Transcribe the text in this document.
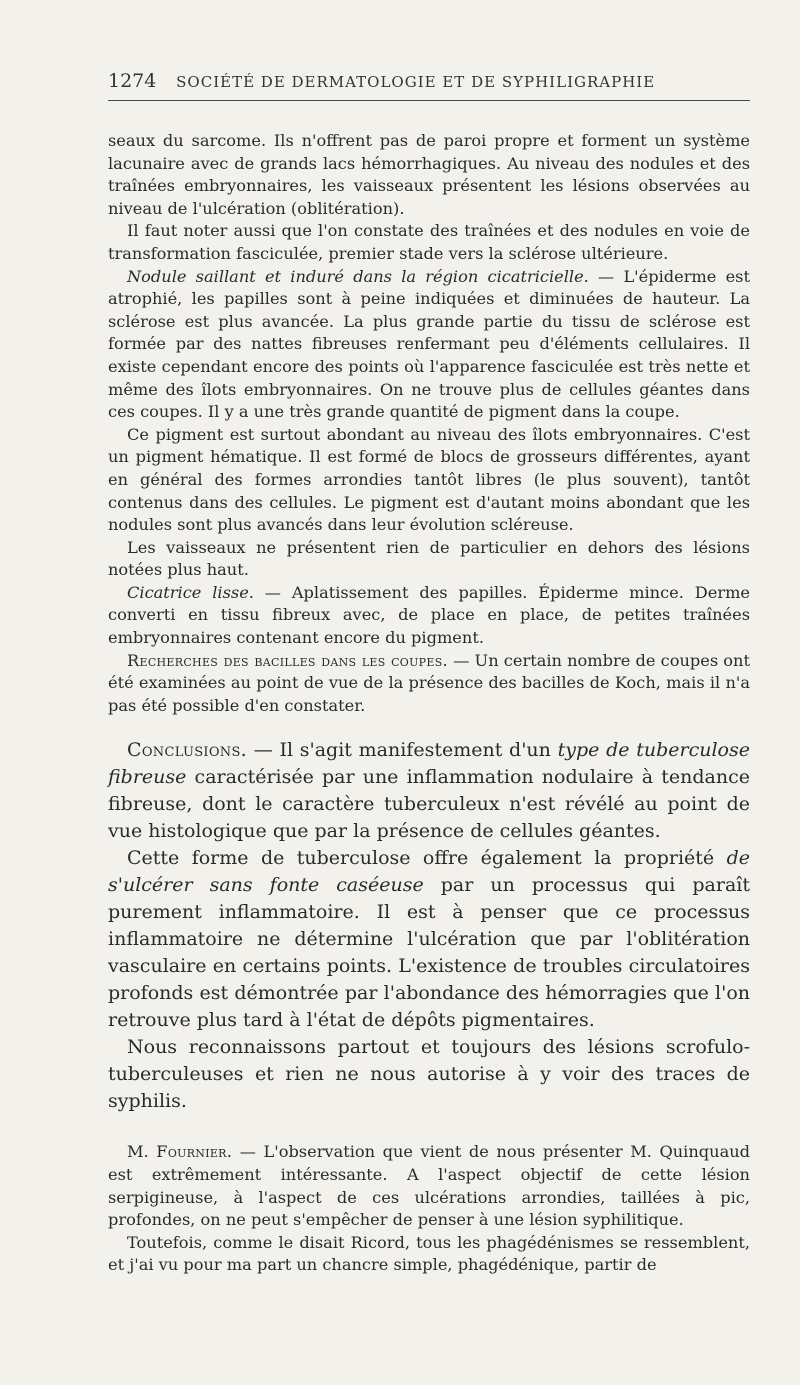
1274 SOCIÉTÉ DE DERMATOLOGIE ET DE SYPHILIGRAPHIE

seaux du sarcome. Ils n'offrent pas de paroi propre et forment un système lacunaire avec de grands lacs hémorrhagiques. Au niveau des nodules et des traînées embryonnaires, les vaisseaux présentent les lésions observées au niveau de l'ulcération (oblitération).

Il faut noter aussi que l'on constate des traînées et des nodules en voie de transformation fasciculée, premier stade vers la sclérose ultérieure.

Nodule saillant et induré dans la région cicatricielle. — L'épiderme est atrophié, les papilles sont à peine indiquées et diminuées de hauteur. La sclérose est plus avancée. La plus grande partie du tissu de sclérose est formée par des nattes fibreuses renfermant peu d'éléments cellulaires. Il existe cependant encore des points où l'apparence fasciculée est très nette et même des îlots embryonnaires. On ne trouve plus de cellules géantes dans ces coupes. Il y a une très grande quantité de pigment dans la coupe.

Ce pigment est surtout abondant au niveau des îlots embryonnaires. C'est un pigment hématique. Il est formé de blocs de grosseurs différentes, ayant en général des formes arrondies tantôt libres (le plus souvent), tantôt contenus dans des cellules. Le pigment est d'autant moins abondant que les nodules sont plus avancés dans leur évolution scléreuse.

Les vaisseaux ne présentent rien de particulier en dehors des lésions notées plus haut.

Cicatrice lisse. — Aplatissement des papilles. Épiderme mince. Derme converti en tissu fibreux avec, de place en place, de petites traînées embryonnaires contenant encore du pigment.

Recherches des bacilles dans les coupes. — Un certain nombre de coupes ont été examinées au point de vue de la présence des bacilles de Koch, mais il n'a pas été possible d'en constater.

Conclusions. — Il s'agit manifestement d'un type de tuberculose fibreuse caractérisée par une inflammation nodulaire à tendance fibreuse, dont le caractère tuberculeux n'est révélé au point de vue histologique que par la présence de cellules géantes.

Cette forme de tuberculose offre également la propriété de s'ulcérer sans fonte caséeuse par un processus qui paraît purement inflammatoire. Il est à penser que ce processus inflammatoire ne détermine l'ulcération que par l'oblitération vasculaire en certains points. L'existence de troubles circulatoires profonds est démontrée par l'abondance des hémorragies que l'on retrouve plus tard à l'état de dépôts pigmentaires.

Nous reconnaissons partout et toujours des lésions scrofulo-tuberculeuses et rien ne nous autorise à y voir des traces de syphilis.

M. Fournier. — L'observation que vient de nous présenter M. Quinquaud est extrêmement intéressante. A l'aspect objectif de cette lésion serpigineuse, à l'aspect de ces ulcérations arrondies, taillées à pic, profondes, on ne peut s'empêcher de penser à une lésion syphilitique.

Toutefois, comme le disait Ricord, tous les phagédénismes se ressemblent, et j'ai vu pour ma part un chancre simple, phagédénique, partir de
